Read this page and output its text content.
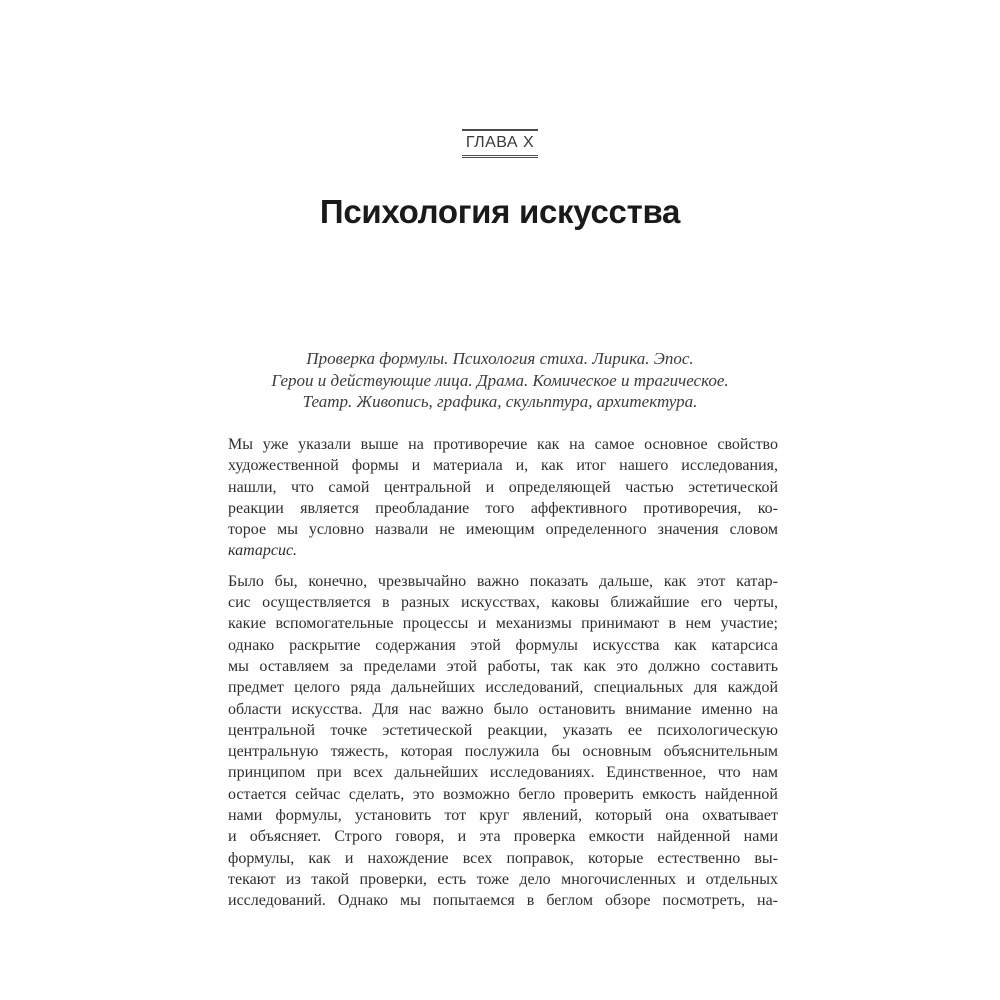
ГЛАВА X
Психология искусства
Проверка формулы. Психология стиха. Лирика. Эпос.
Герои и действующие лица. Драма. Комическое и трагическое.
Театр. Живопись, графика, скульптура, архитектура.
Мы уже указали выше на противоречие как на самое основное свойство
художественной формы и материала и, как итог нашего исследования,
нашли, что самой центральной и определяющей частью эстетической
реакции является преобладание того аффективного противоречия, ко-
торое мы условно назвали не имеющим определенного значения словом
катарсис.
Было бы, конечно, чрезвычайно важно показать дальше, как этот катар-
сис осуществляется в разных искусствах, каковы ближайшие его черты,
какие вспомогательные процессы и механизмы принимают в нем участие;
однако раскрытие содержания этой формулы искусства как катарсиса
мы оставляем за пределами этой работы, так как это должно составить
предмет целого ряда дальнейших исследований, специальных для каждой
области искусства. Для нас важно было остановить внимание именно на
центральной точке эстетической реакции, указать ее психологическую
центральную тяжесть, которая послужила бы основным объяснительным
принципом при всех дальнейших исследованиях. Единственное, что нам
остается сейчас сделать, это возможно бегло проверить емкость найденной
нами формулы, установить тот круг явлений, который она охватывает
и объясняет. Строго говоря, и эта проверка емкости найденной нами
формулы, как и нахождение всех поправок, которые естественно вы-
текают из такой проверки, есть тоже дело многочисленных и отдельных
исследований. Однако мы попытаемся в беглом обзоре посмотреть, на-
